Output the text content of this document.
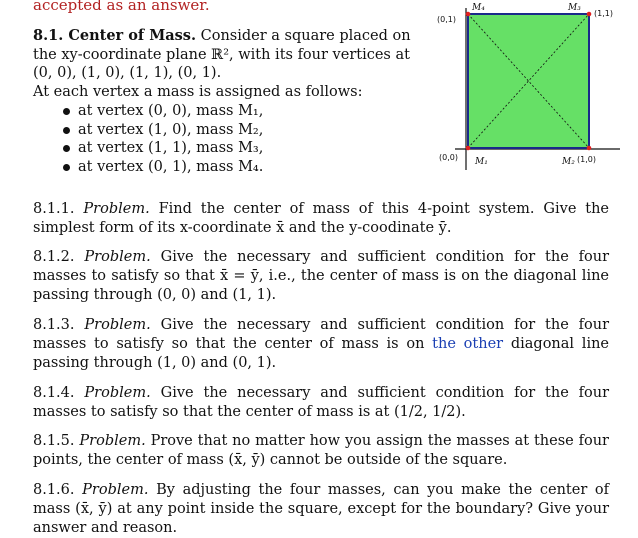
accepted as an answer.
8.1. Center of Mass. Consider a square placed on the xy-coordinate plane ℝ², with its four vertices at (0, 0), (1, 0), (1, 1), (0, 1).
At each vertex a mass is assigned as follows:
at vertex (0, 0), mass M₁,
at vertex (1, 0), mass M₂,
at vertex (1, 1), mass M₃,
at vertex (0, 1), mass M₄.
(0,1)
(1,1)
(0,0)	(1,0)
M₄	M₃
M₁	M₂
8.1.1. Problem. Find the center of mass of this 4-point system. Give the simplest form of its x-coordinate x̄ and the y-coodinate ȳ.
8.1.2. Problem. Give the necessary and sufficient condition for the four masses to satisfy so that x̄ = ȳ, i.e., the center of mass is on the diagonal line passing through (0, 0) and (1, 1).
8.1.3. Problem. Give the necessary and sufficient condition for the four masses to satisfy so that the center of mass is on the other diagonal line passing through (1, 0) and (0, 1).
8.1.4. Problem. Give the necessary and sufficient condition for the four masses to satisfy so that the center of mass is at (1/2, 1/2).
8.1.5. Problem. Prove that no matter how you assign the masses at these four points, the center of mass (x̄, ȳ) cannot be outside of the square.
8.1.6. Problem. By adjusting the four masses, can you make the center of mass (x̄, ȳ) at any point inside the square, except for the boundary? Give your answer and reason.
